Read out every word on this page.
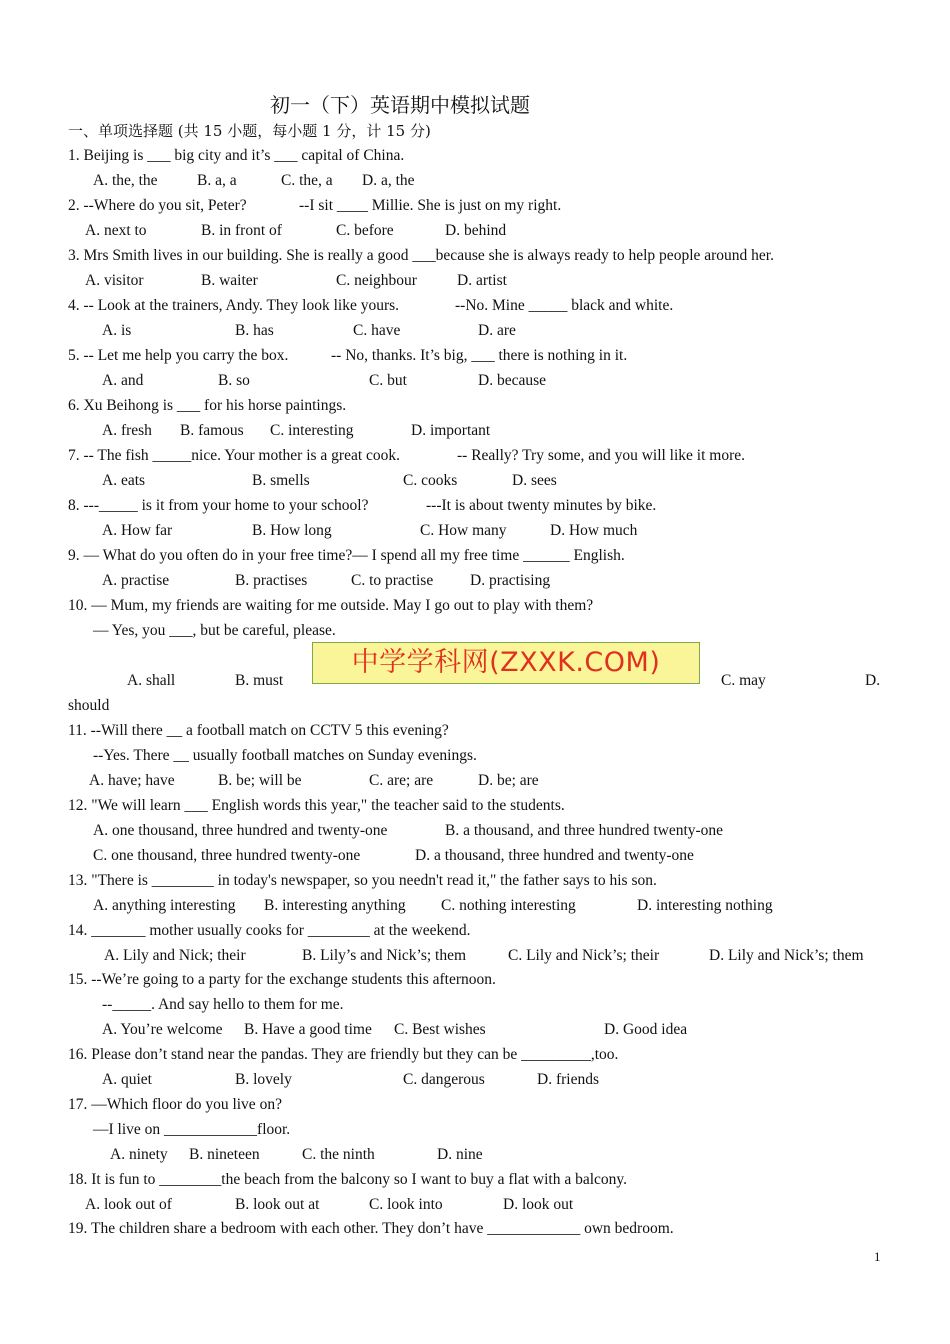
初一（下）英语期中模拟试题
一、单项选择题 (共 15 小题，每小题 1 分，计 15 分)
1. Beijing is ___ big city and it’s ___ capital of China.
A. the, the	B. a, a	C. the, a D. a, the
2. --Where do you sit, Peter?	--I sit ____ Millie. She is just on my right.
A. next to	B. in front of	C. before	D. behind
3. Mrs Smith lives in our building. She is really a good ___because she is always ready to help people around her.
A. visitor	B. waiter	C. neighbour	D. artist
4. -- Look at the trainers, Andy. They look like yours.	--No. Mine _____ black and white.
A. is	B. has	C. have	D. are
5. -- Let me help you carry the box.	-- No, thanks. It’s big, ___ there is nothing in it.
A. and	B. so	C. but	D. because
6. Xu Beihong is ___ for his horse paintings.
A. fresh B. famous C. interesting	D. important
7. -- The fish _____nice. Your mother is a great cook.	-- Really? Try some, and you will like it more.
A. eats	B. smells	C. cooks	D. sees
8. ---_____ is it from your home to your school?	---It is about twenty minutes by bike.
A. How far	B. How long	C. How many	D. How much
9. — What do you often do in your free time?— I spend all my free time ______ English.
A. practise	B. practises	C. to practise D. practising
10. — Mum, my friends are waiting for me outside. May I go out to play with them?
— Yes, you ___, but be careful, please.
A. shall	B. must
中学学科网(ZXXK.COM)
C. may	D.
should
11. --Will there __ a football match on CCTV 5 this evening?
--Yes. There __ usually football matches on Sunday evenings.
A. have; have	B. be; will be	C. are; are	D. be; are
12. "We will learn ___ English words this year," the teacher said to the students.
A. one thousand, three hundred and twenty-one	B. a thousand, and three hundred twenty-one
C. one thousand, three hundred twenty-one	D. a thousand, three hundred and twenty-one
13. "There is ________ in today's newspaper, so you needn't read it," the father says to his son.
A. anything interesting B. interesting anything C. nothing interesting	D. interesting nothing
14. _______ mother usually cooks for ________ at the weekend.
A. Lily and Nick; their	B. Lily’s and Nick’s; them	C. Lily and Nick’s; their	D. Lily and Nick’s; them
15. --We’re going to a party for the exchange students this afternoon.
--_____. And say hello to them for me.
A. You’re welcome B. Have a good time C. Best wishes	D. Good idea
16. Please don’t stand near the pandas. They are friendly but they can be _________,too.
A. quiet	B. lovely	C. dangerous	D. friends
17. —Which floor do you live on?
—I live on ____________floor.
A. ninety B. nineteen	C. the ninth	D. nine
18. It is fun to ________the beach from the balcony so I want to buy a flat with a balcony.
A. look out of	B. look out at	C. look into	D. look out
19. The children share a bedroom with each other. They don’t have ____________ own bedroom.
1
